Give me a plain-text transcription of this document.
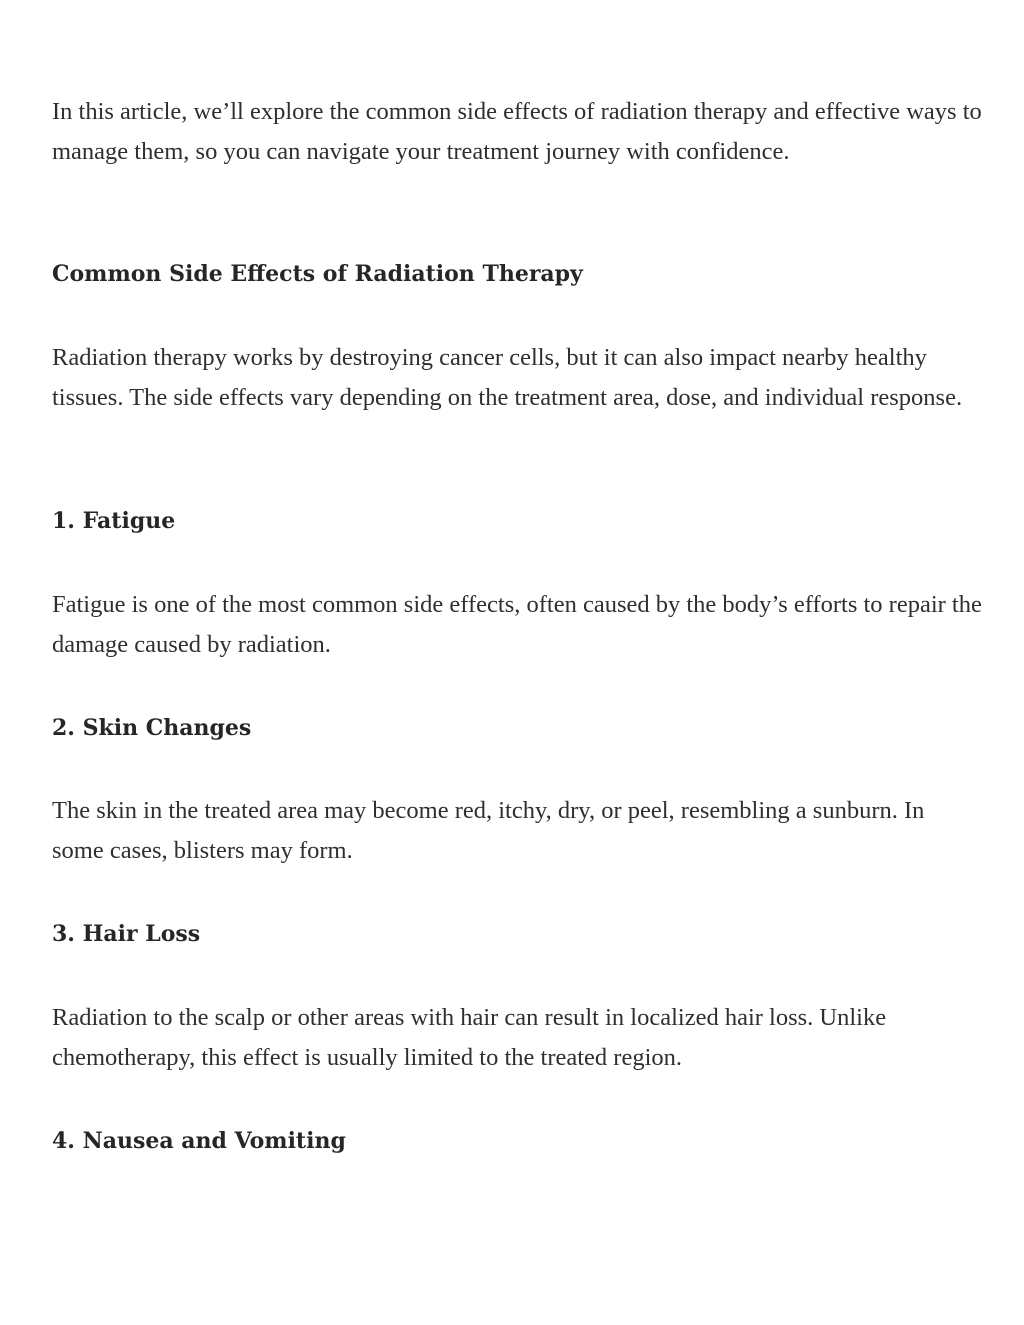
In this article, we’ll explore the common side effects of radiation therapy and effective ways to manage them, so you can navigate your treatment journey with confidence.

Common Side Effects of Radiation Therapy

Radiation therapy works by destroying cancer cells, but it can also impact nearby healthy tissues. The side effects vary depending on the treatment area, dose, and individual response.

1. Fatigue

Fatigue is one of the most common side effects, often caused by the body’s efforts to repair the damage caused by radiation.

2. Skin Changes

The skin in the treated area may become red, itchy, dry, or peel, resembling a sunburn. In some cases, blisters may form.

3. Hair Loss

Radiation to the scalp or other areas with hair can result in localized hair loss. Unlike chemotherapy, this effect is usually limited to the treated region.

4. Nausea and Vomiting
